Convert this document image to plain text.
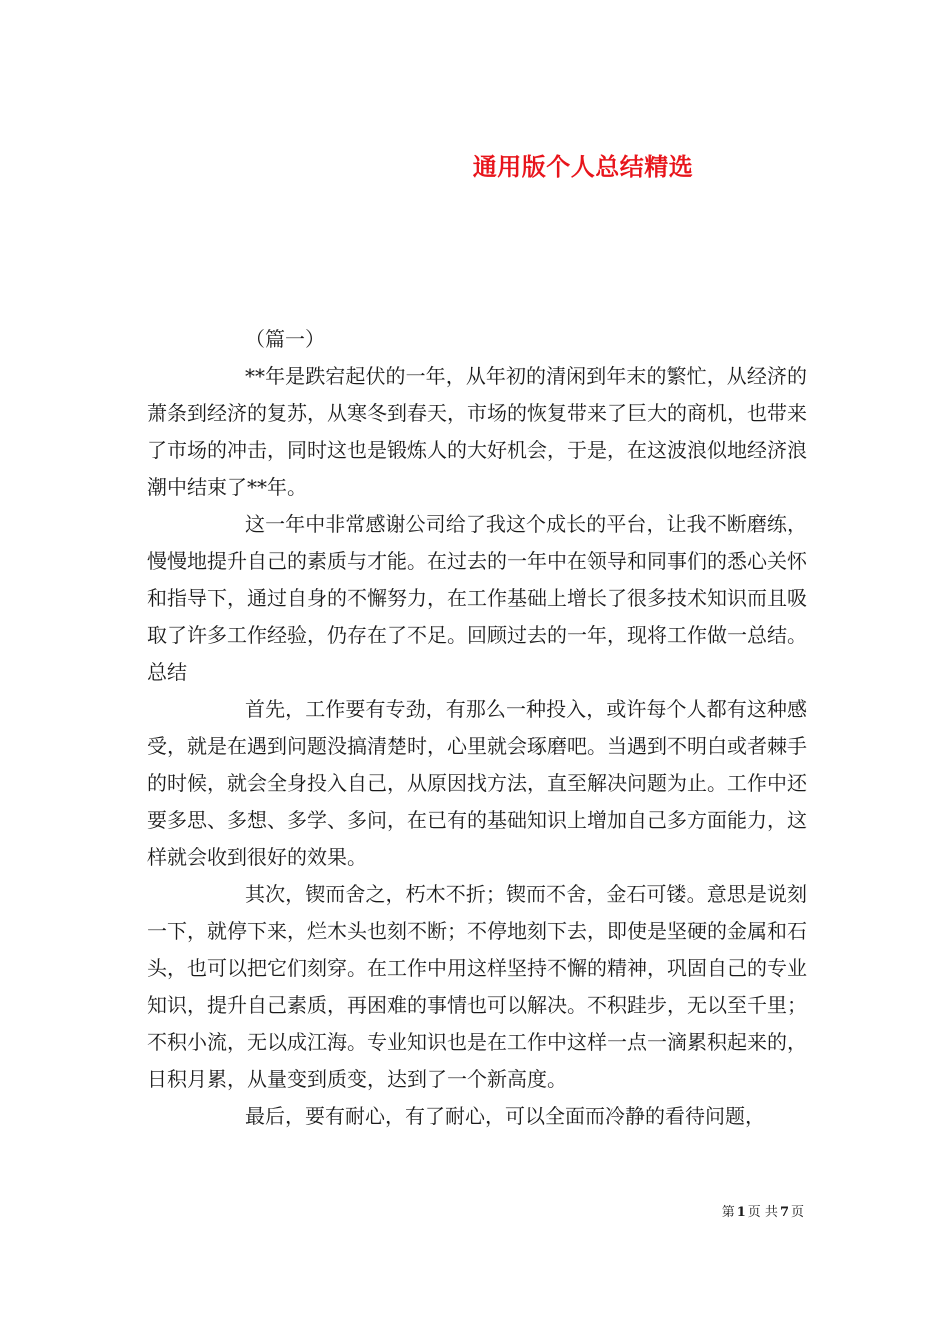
通用版个人总结精选

（篇一）

**年是跌宕起伏的一年，从年初的清闲到年末的繁忙，从经济的萧条到经济的复苏，从寒冬到春天，市场的恢复带来了巨大的商机，也带来了市场的冲击，同时这也是锻炼人的大好机会，于是，在这波浪似地经济浪潮中结束了**年。

这一年中非常感谢公司给了我这个成长的平台，让我不断磨练，慢慢地提升自己的素质与才能。在过去的一年中在领导和同事们的悉心关怀和指导下，通过自身的不懈努力，在工作基础上增长了很多技术知识而且吸取了许多工作经验，仍存在了不足。回顾过去的一年，现将工作做一总结。总结

首先，工作要有专劲，有那么一种投入，或许每个人都有这种感受，就是在遇到问题没搞清楚时，心里就会琢磨吧。当遇到不明白或者棘手的时候，就会全身投入自己，从原因找方法，直至解决问题为止。工作中还要多思、多想、多学、多问，在已有的基础知识上增加自己多方面能力，这样就会收到很好的效果。

其次，锲而舍之，朽木不折；锲而不舍，金石可镂。意思是说刻一下，就停下来，烂木头也刻不断；不停地刻下去，即使是坚硬的金属和石头，也可以把它们刻穿。在工作中用这样坚持不懈的精神，巩固自己的专业知识，提升自己素质，再困难的事情也可以解决。不积跬步，无以至千里；不积小流，无以成江海。专业知识也是在工作中这样一点一滴累积起来的，日积月累，从量变到质变，达到了一个新高度。

最后，要有耐心，有了耐心，可以全面而冷静的看待问题，

第 1 页 共 7 页
